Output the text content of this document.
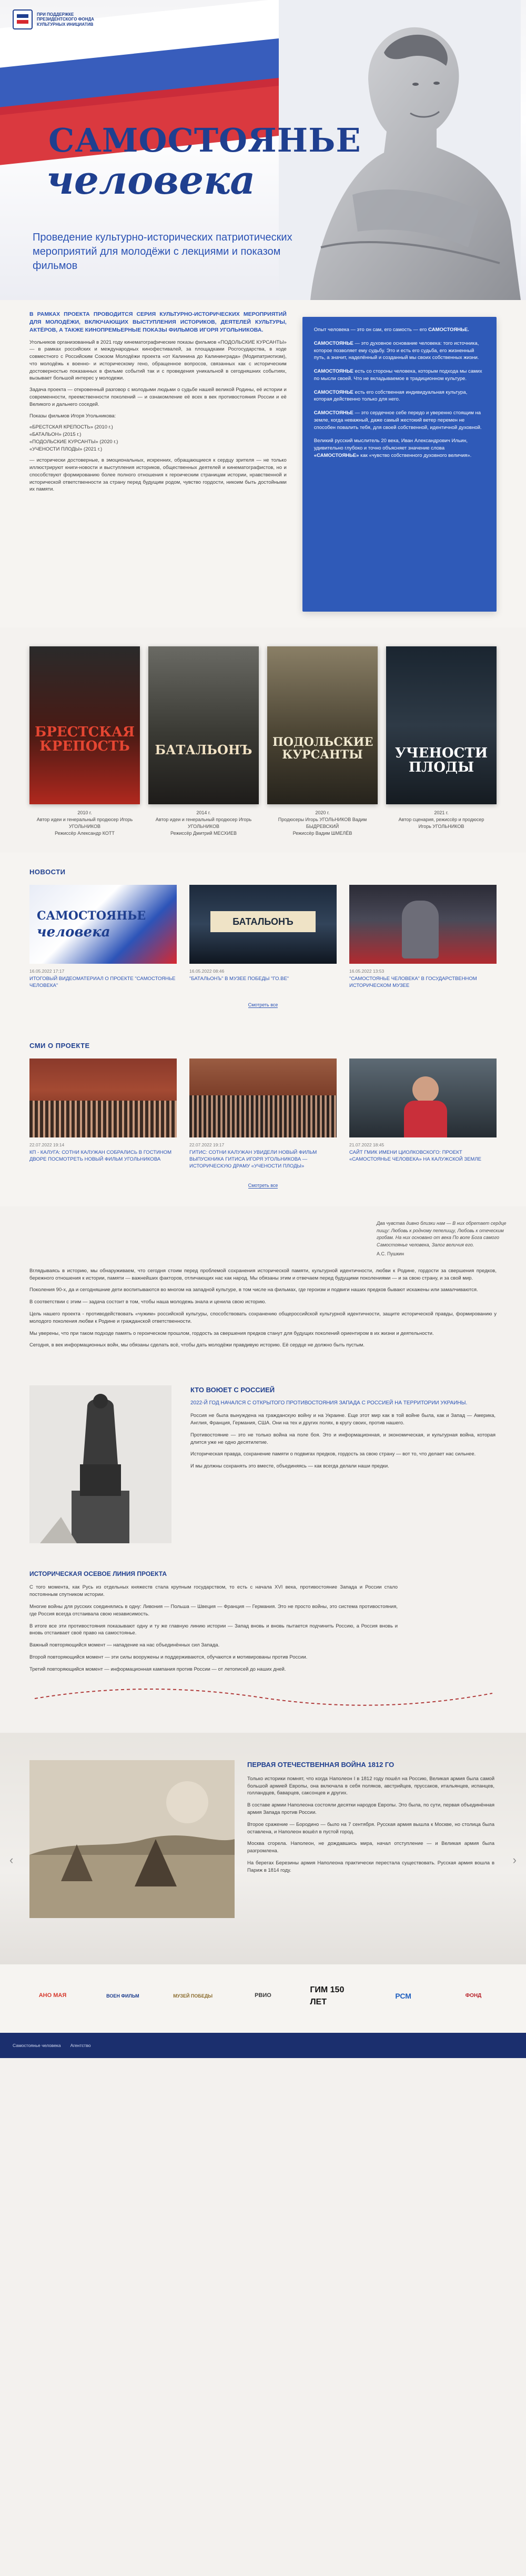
ПРИ ПОДДЕРЖКЕ ПРЕЗИДЕНТСКОГО ФОНДА КУЛЬТУРНЫХ ИНИЦИАТИВ
САМОСТОЯНЬЕ
человека
Проведение культурно-исторических патриотических мероприятий для молодёжи с лекциями и показом фильмов

В РАМКАХ ПРОЕКТА ПРОВОДИТСЯ СЕРИЯ КУЛЬТУРНО-ИСТОРИЧЕСКИХ МЕРОПРИЯТИЙ ДЛЯ МОЛОДЁЖИ, ВКЛЮЧАЮЩИХ ВЫСТУПЛЕНИЯ ИСТОРИКОВ, ДЕЯТЕЛЕЙ КУЛЬТУРЫ, АКТЁРОВ, А ТАКЖЕ КИНОПРЕМЬЕРНЫЕ ПОКАЗЫ ФИЛЬМОВ ИГОРЯ УГОЛЬНИКОВА.

Угольников организованный в 2021 году кинематографические показы фильмов «ПОДОЛЬСКИЕ КУРСАНТЫ» — в рамках российских и международных кинофестивалей, за площадками Росгосударства, в ходе совместного с Российским Союзом Молодёжи проекта «от Калинина до Калининграда» (Модипатриотизм), что молодёжь к военно- и историческому гено, обращенное вопросов, связанных как с историческим достоверностью показанных в фильме событий так и с проведения уникальной в сегодняшних событиях, вызывает большой интерес у молодежи.

Задача проекта — откровенный разговор с молодыми людьми о судьбе нашей великой Родины, её истории и современности, преемственности поколений — и ознакомление её всех в век противостояния России и её Великого и дальнего соседей.

Показы фильмов Игоря Угольникова:

«БРЕСТСКАЯ КРЕПОСТЬ» (2010 г.)
«БАТАЛЬОН» (2015 г.)
«ПОДОЛЬСКИЕ КУРСАНТЫ» (2020 г.)
«УЧЕНОСТИ ПЛОДЫ» (2021 г.)

— исторически достоверные, в эмоциональных, искренних, обращающиеся к сердцу зрителя — не только иллюстрируют книги-новости и выступления историков, общественных деятелей и кинематографистов, но и способствуют формированию более полного отношения к героическим страницам истории, нравственной и исторической ответственности за страну перед будущим родом, чувство гордости, никоим быть достойными их памяти.

Опыт человека — это он сам, его самость — его САМОСТОЯНЬЕ.

САМОСТОЯНЬЕ — это духовное основание человека: того источника, которое позволяет ему судьбу. Это и есть его судьба, его жизненный путь, а значит, наделённый и созданный мы своих собственных жизни.

САМОСТОЯНЬЕ есть со стороны человека, которым подхода мы самих по мысли своей. Что не вкладываемое в традиционном культуре.

САМОСТОЯНЬЕ есть его собственная индивидуальная культура, которая действенно только для него.

САМОСТОЯНЬЕ — это сердечное себе передо и уверенно стоящим на земле, когда неважный, даже самый жестокий ветер перемен не способен повалить тебя, для своей собственной, идентичной духовной.

Великий русский мыслитель 20 века, Иван Александрович Ильин, удивительно глубоко и точно объясняет значение слова «САМОСТОЯНЬЕ» как «чувство собственного духовного величия».

БРЕСТСКАЯ КРЕПОСТЬ
2010 г.
Автор идеи и генеральный продюсер Игорь УГОЛЬНИКОВ
Режиссёр Александр КОТТ
БАТАЛЬОНЪ
2014 г.
Автор идеи и генеральный продюсер Игорь УГОЛЬНИКОВ
Режиссёр Дмитрий МЕСХИЕВ
ПОДОЛЬСКИЕ КУРСАНТЫ
2020 г.
Продюсеры Игорь УГОЛЬНИКОВ Вадим БЫДРЕВСКИЙ
Режиссёр Вадим ШМЕЛЁВ
УЧЕНОСТИ ПЛОДЫ
2021 г.
Автор сценария, режиссёр и продюсер
Игорь УГОЛЬНИКОВ
НОВОСТИ
САМОСТОЯНЬЕ
человека
16.05.2022 17:17
ИТОГОВЫЙ ВИДЕОМАТЕРИАЛ О ПРОЕКТЕ "САМОСТОЯНЬЕ ЧЕЛОВЕКА"
БАТАЛЬОНЪ
16.05.2022 08:46
"БАТАЛЬОНЪ" В МУЗЕЕ ПОБЕДЫ "ГО.ВЕ"
16.05.2022 13:53
"САМОСТОЯНЬЕ ЧЕЛОВЕКА" В ГОСУДАРСТВЕННОМ ИСТОРИЧЕСКОМ МУЗЕЕ
Смотреть все
СМИ О ПРОЕКТЕ
22.07.2022 19:14
КП - КАЛУГА: СОТНИ КАЛУЖАН СОБРАЛИСЬ В ГОСТИНОМ ДВОРЕ ПОСМОТРЕТЬ НОВЫЙ ФИЛЬМ УГОЛЬНИКОВА
22.07.2022 19:17
ГИТИС: СОТНИ КАЛУЖАН УВИДЕЛИ НОВЫЙ ФИЛЬМ ВЫПУСКНИКА ГИТИСА ИГОРЯ УГОЛЬНИКОВА — ИСТОРИЧЕСКУЮ ДРАМУ «УЧЕНОСТИ ПЛОДЫ»
21.07.2022 18:45
САЙТ ГМИК ИМЕНИ ЦИОЛКОВСКОГО: ПРОЕКТ «САМОСТОЯНЬЕ ЧЕЛОВЕКА» НА КАЛУЖСКОЙ ЗЕМЛЕ
Смотреть все
Два чувства дивно близки нам — В них обретает сердце пищу: Любовь к родному пепелищу, Любовь к отеческим гробам. На них основано от века По воле Бога самого Самостоянье человека, Залог величия его.
А.С. Пушкин

Вглядываясь в историю, мы обнаруживаем, что сегодня стоим перед проблемой сохранения исторической памяти, культурной идентичности, любви к Родине, гордости за свершения предков, бережного отношения к истории, памяти — важнейших факторов, отличающих нас как народ. Мы обязаны этим и отвечаем перед будущими поколениями — и за свою страну, и за свой мир.

Поколения 90-х, да и сегодняшние дети воспитываются во многом на западной культуре, в том числе на фильмах, где героизм и подвиги наших предков бывают искажены или замалчиваются.

В соответствии с этим — задача состоит в том, чтобы наша молодежь знала и ценила свою историю.

Цель нашего проекта - противодействовать «чужим» российской культуры, способствовать сохранению общероссийской культурной идентичности, защите исторической правды, формированию у молодого поколения любви к Родине и гражданской ответственности.

Мы уверены, что при таком подходе память о героическом прошлом, гордость за свершения предков станут для будущих поколений ориентиром в их жизни и деятельности.

Сегодня, в век информационных войн, мы обязаны сделать всё, чтобы дать молодёжи правдивую историю. Её сердце не должно быть пустым.

КТО ВОЮЕТ С РОССИЕЙ
2022-Й ГОД НАЧАЛСЯ С ОТКРЫТОГО ПРОТИВОСТОЯНИЯ ЗАПАДА С РОССИЕЙ НА ТЕРРИТОРИИ УКРАИНЫ.

Россия не была вынуждена на гражданскую войну и на Украине. Еще этот мир как в той войне была, как и Запад — Америка, Англия, Франция, Германия, США. Они на тех и других полях, в кругу своих, против нашего.

Противостояние — это не только война на поле боя. Это и информационная, и экономическая, и культурная война, которая длится уже не одно десятилетие.

Историческая правда, сохранение памяти о подвигах предков, гордость за свою страну — вот то, что делает нас сильнее.

И мы должны сохранять это вместе, объединяясь — как всегда делали наши предки.

ИСТОРИЧЕСКАЯ ОСЕВОЕ ЛИНИЯ ПРОЕКТА

С того момента, как Русь из отдельных княжеств стала крупным государством, то есть с начала XVI века, противостояние Запада и России стало постоянным спутником истории.

Многие войны для русских соединялись в одну: Ливония — Польша — Швеция — Франция — Германия. Это не просто войны, это система противостояния, где Россия всегда отстаивала свою независимость.

В итоге все эти противостояния показывают одну и ту же главную линию истории — Запад вновь и вновь пытается подчинить Россию, а Россия вновь и вновь отстаивает своё право на самостоянье.

Важный повторяющийся момент — нападение на нас объединённых сил Запада.

Второй повторяющийся момент — эти силы вооружены и поддерживаются, обучаются и мотивированы против России.

Третий повторяющийся момент — информационная кампания против России — от летописей до наших дней.

‹	›
ПЕРВАЯ ОТЕЧЕСТВЕННАЯ ВОЙНА 1812 ГО

Только историки помнят, что когда Наполеон I в 1812 году пошёл на Россию, Великая армия была самой большой армией Европы, она включала в себя поляков, австрийцев, пруссаков, итальянцев, испанцев, голландцев, баварцев, саксонцев и других.

В составе армии Наполеона состояли десятки народов Европы. Это была, по сути, первая объединённая армия Запада против России.

Второе сражение — Бородино — было на 7 сентября. Русская армия вышла к Москве, но столица была оставлена, и Наполеон вошёл в пустой город.

Москва сгорела. Наполеон, не дождавшись мира, начал отступление — и Великая армия была разгромлена.

На берегах Березины армия Наполеона практически перестала существовать. Русская армия вошла в Париж в 1814 году.

АНО МАЯ	ВОЕН ФИЛЬМ	МУЗЕЙ ПОБЕДЫ	РВИО
ГИМ 150 ЛЕТ
РСМ	ФОНД
Самостоянье человека Агентство
